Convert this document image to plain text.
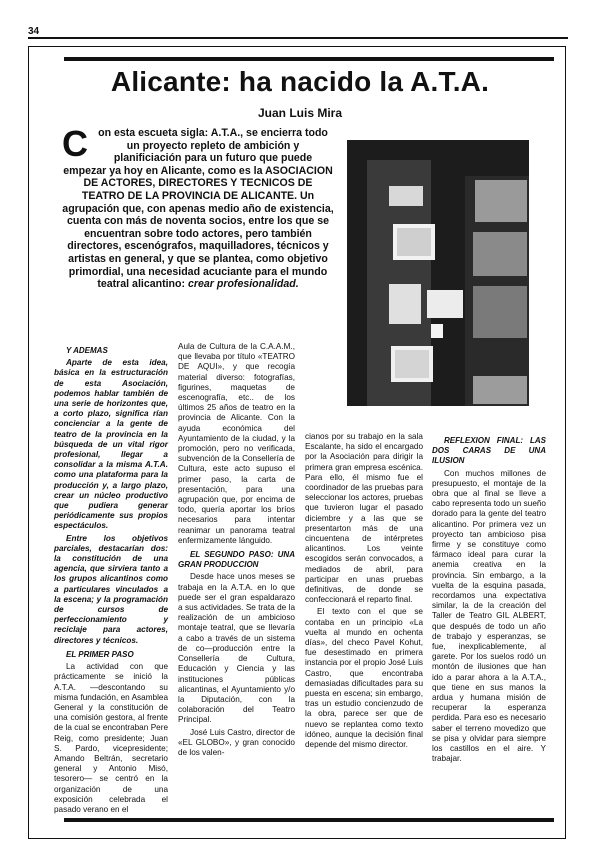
34
Alicante: ha nacido la A.T.A.
Juan Luis Mira
Con esta escueta sigla: A.T.A., se encierra todo un proyecto repleto de ambición y planificiación para un futuro que puede empezar ya hoy en Alicante, como es la ASOCIACION DE ACTORES, DIRECTORES Y TECNICOS DE TEATRO DE LA PROVINCIA DE ALICANTE. Un agrupación que, con apenas medio año de existencia, cuenta con más de noventa socios, entre los que se encuentran sobre todo actores, pero también directores, escenógrafos, maquilladores, técnicos y artistas en general, y que se plantea, como objetivo primordial, una necesidad acuciante para el mundo teatral alicantino: crear profesionalidad.

Y ADEMAS

Aparte de esta idea, básica en la estructuración de esta Asociación, podemos hablar también de una serie de horizontes que, a corto plazo, significa rían concienciar a la gente de teatro de la provincia en la búsqueda de un vital rigor profesional, llegar a consolidar a la misma A.T.A. como una plataforma para la producción y, a largo plazo, crear un núcleo productivo que pudiera generar periódicamente sus propios espectáculos.

Entre los objetivos parciales, destacarían dos: la constitución de una agencia, que sirviera tanto a los grupos alicantinos como a particulares vinculados a la escena; y la programación de cursos de perfeccionamiento y reciclaje para actores, directores y técnicos.

EL PRIMER PASO

La actividad con que prácticamente se inició la A.T.A. —descontando su misma fundación, en Asamblea General y la constitución de una comisión gestora, al frente de la cual se encontraban Pere Reig, como presidente; Juan S. Pardo, vicepresidente; Amando Beltrán, secretario general y Antonio Misó, tesorero— se centró en la organización de una exposición celebrada el pasado verano en el

Aula de Cultura de la C.A.A.M., que llevaba por título «TEATRO DE AQUI», y que recogía material diverso: fotografías, figurines, maquetas de escenografía, etc.. de los últimos 25 años de teatro en la provincia de Alicante. Con la ayuda económica del Ayuntamiento de la ciudad, y la promoción, pero no verificada, subvención de la Consellería de Cultura, este acto supuso el primer paso, la carta de presentación, para una agrupación que, por encima de todo, quería aportar los bríos necesarios para intentar reanimar un panorama teatral enfermizamente lánguido.

EL SEGUNDO PASO: UNA GRAN PRODUCCION

Desde hace unos meses se trabaja en la A.T.A. en lo que puede ser el gran espaldarazo a sus actividades. Se trata de la realización de un ambicioso montaje teatral, que se llevaría a cabo a través de un sistema de co—producción entre la Consellería de Cultura, Educación y Ciencia y las instituciones públicas alicantinas, el Ayuntamiento y/o la Diputación, con la colaboración del Teatro Principal.

José Luis Castro, director de «EL GLOBO», y gran conocido de los valen-

cianos por su trabajo en la sala Escalante, ha sido el encargado por la Asociación para dirigir la primera gran empresa escénica. Para ello, él mismo fue el coordinador de las pruebas para seleccionar los actores, pruebas que tuvieron lugar el pasado diciembre y a las que se presentarton más de una cincuentena de intérpretes alicantinos. Los veinte escogidos serán convocados, a mediados de abril, para participar en unas pruebas definitivas, de donde se confeccionará el reparto final.

El texto con el que se contaba en un principio «La vuelta al mundo en ochenta días», del checo Pavel Kohut, fue desestimado en primera instancia por el propio José Luis Castro, que encontraba demasiadas dificultades para su puesta en escena; sin embargo, tras un estudio concienzudo de la obra, parece ser que de nuevo se replantea como texto idóneo, aunque la decisión final depende del mismo director.

REFLEXION FINAL: LAS DOS CARAS DE UNA ILUSION

Con muchos millones de presupuesto, el montaje de la obra que al final se lleve a cabo representa todo un sueño dorado para la gente del teatro alicantino. Por primera vez un proyecto tan ambicioso pisa firme y se constituye como fármaco ideal para curar la anemia creativa en la provincia. Sin embargo, a la vuelta de la esquina pasada, recordamos una expectativa similar, la de la creación del Taller de Teatro GIL ALBERT, que después de todo un año de trabajo y esperanzas, se fue, inexplicablemente, al garete. Por los suelos rodó un montón de ilusiones que han ido a parar ahora a la A.T.A., que tiene en sus manos la ardua y humana misión de recuperar la esperanza perdida. Para eso es necesario saber el terreno movedizo que se pisa y olvidar para siempre los castillos en el aire. Y trabajar.
